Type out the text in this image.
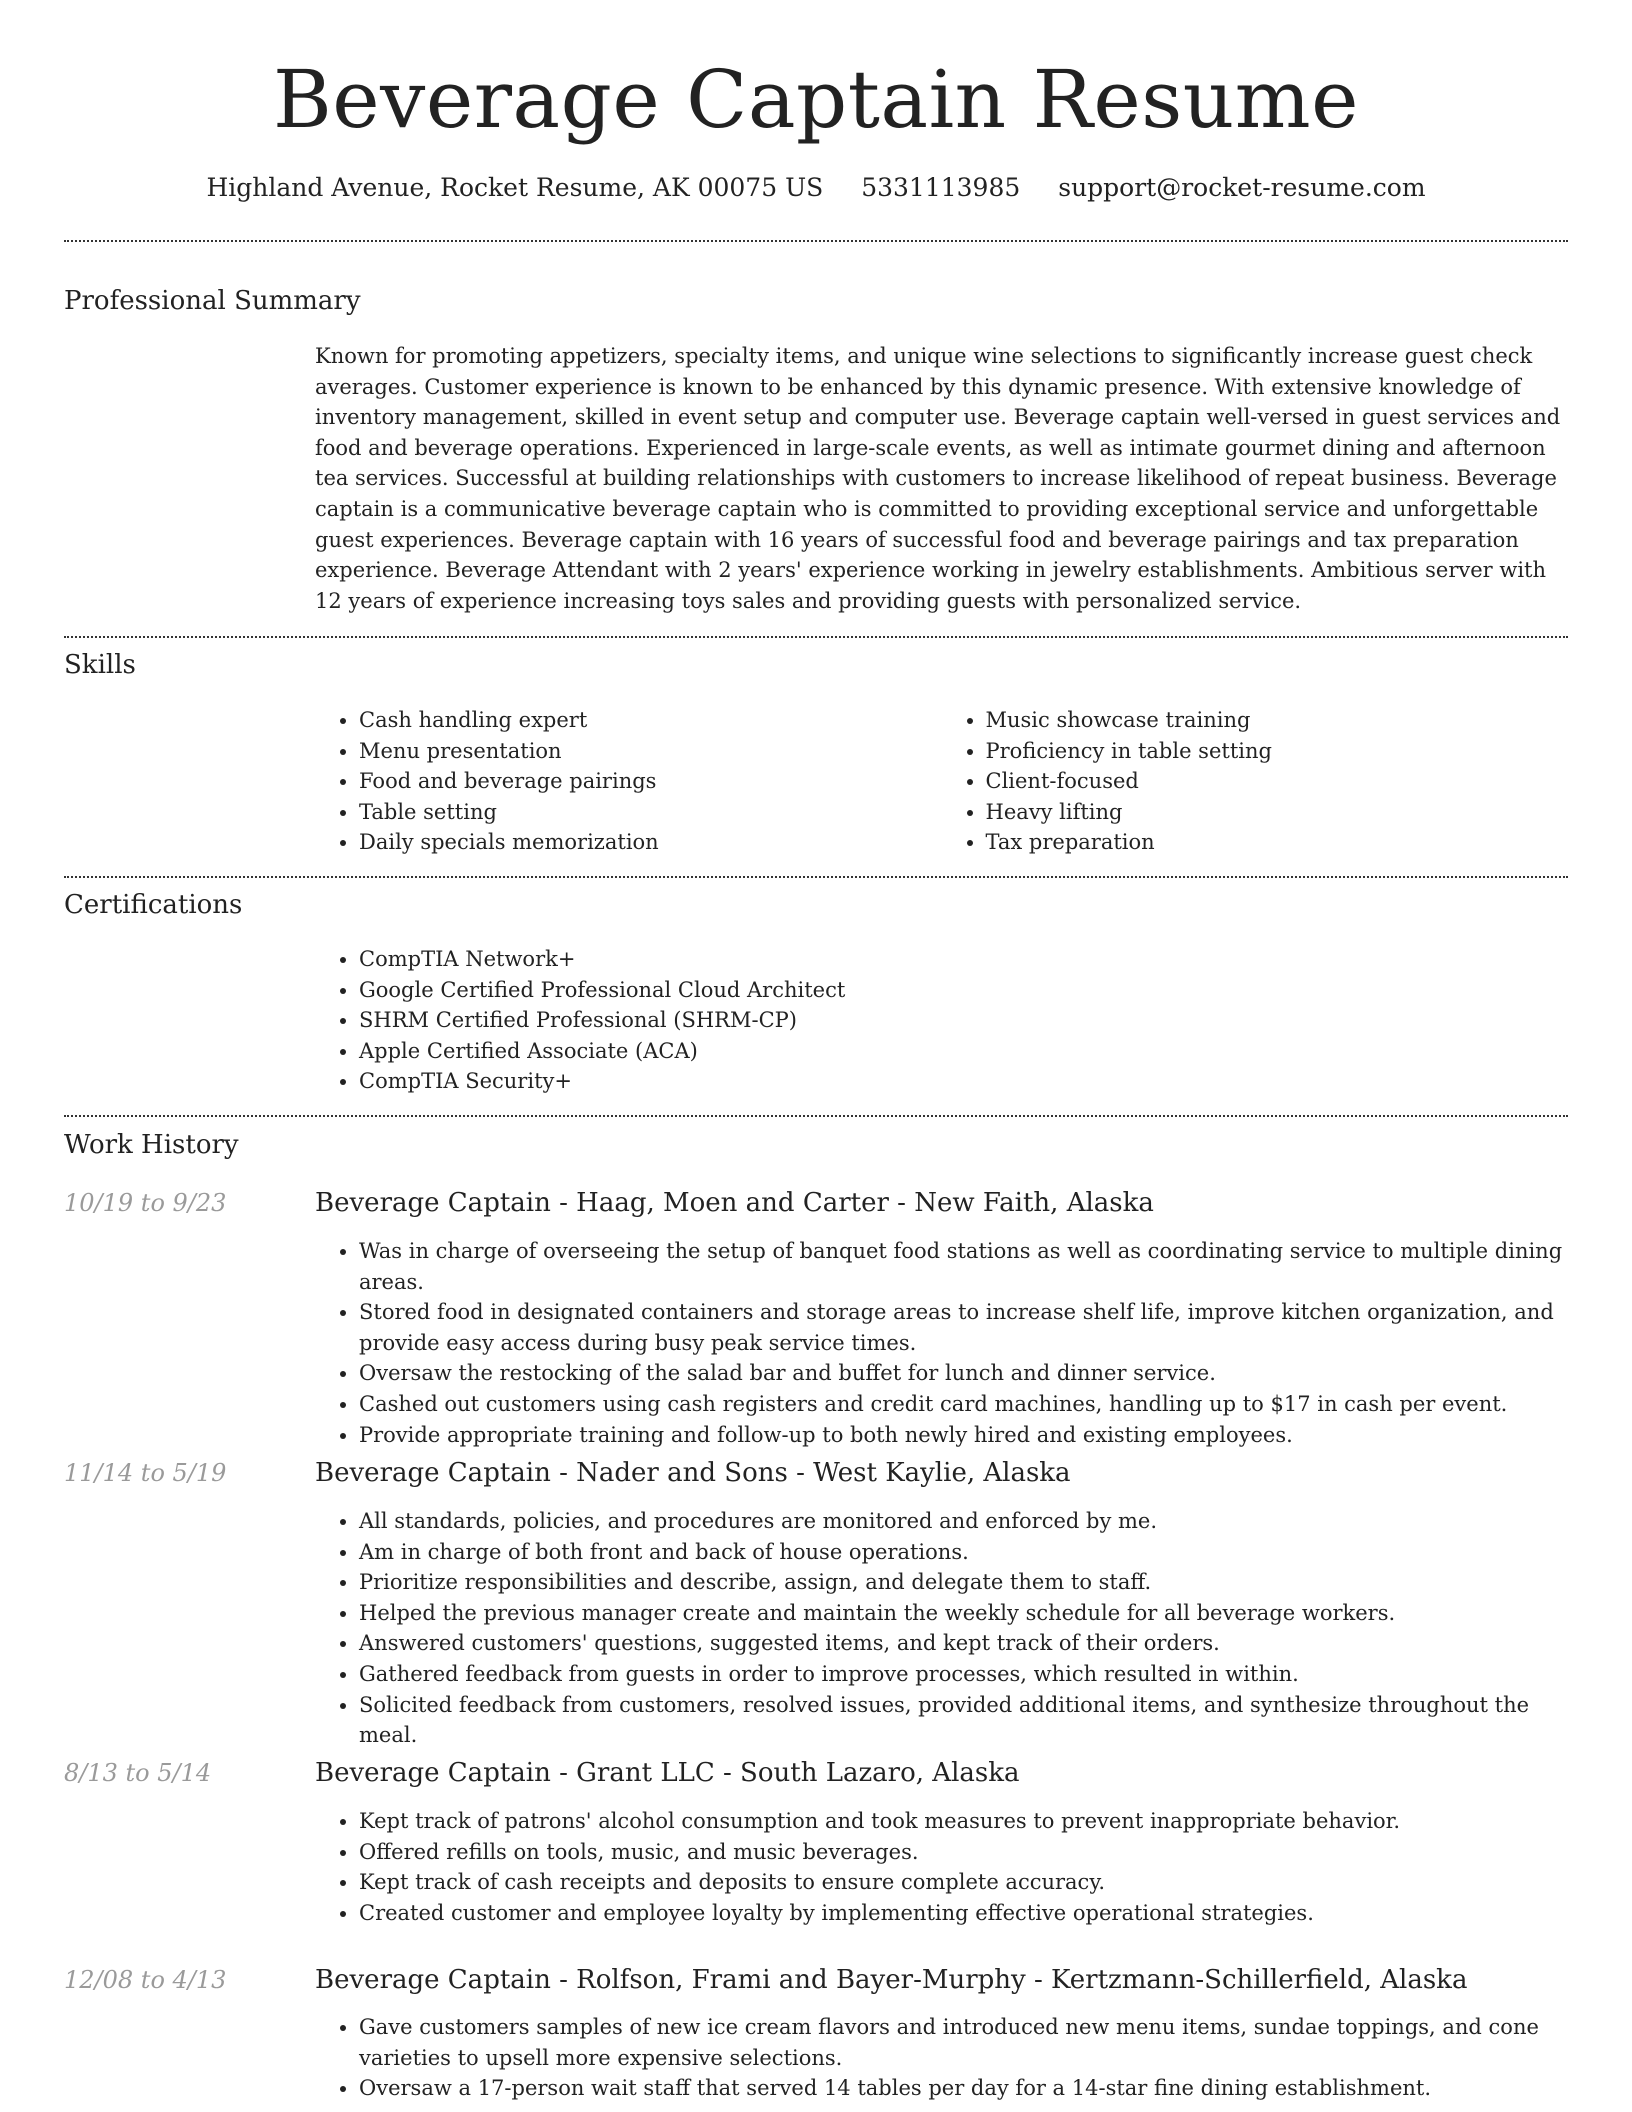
Beverage Captain Resume
Highland Avenue, Rocket Resume, AK 00075 US 5331113985 support@rocket-resume.com
Professional Summary

Known for promoting appetizers, specialty items, and unique wine selections to significantly increase guest check averages. Customer experience is known to be enhanced by this dynamic presence. With extensive knowledge of inventory management, skilled in event setup and computer use. Beverage captain well-versed in guest services and food and beverage operations. Experienced in large-scale events, as well as intimate gourmet dining and afternoon tea services. Successful at building relationships with customers to increase likelihood of repeat business. Beverage captain is a communicative beverage captain who is committed to providing exceptional service and unforgettable guest experiences. Beverage captain with 16 years of successful food and beverage pairings and tax preparation experience. Beverage Attendant with 2 years' experience working in jewelry establishments. Ambitious server with 12 years of experience increasing toys sales and providing guests with personalized service.

Skills
• Cash handling expert
• Menu presentation
• Food and beverage pairings
• Table setting
• Daily specials memorization
• Music showcase training
• Proficiency in table setting
• Client-focused
• Heavy lifting
• Tax preparation
Certifications
• CompTIA Network+
• Google Certified Professional Cloud Architect
• SHRM Certified Professional (SHRM-CP)
• Apple Certified Associate (ACA)
• CompTIA Security+
Work History
10/19 to 9/23	Beverage Captain - Haag, Moen and Carter - New Faith, Alaska
• Was in charge of overseeing the setup of banquet food stations as well as coordinating service to multiple dining areas.
• Stored food in designated containers and storage areas to increase shelf life, improve kitchen organization, and provide easy access during busy peak service times.
• Oversaw the restocking of the salad bar and buffet for lunch and dinner service.
• Cashed out customers using cash registers and credit card machines, handling up to $17 in cash per event.
• Provide appropriate training and follow-up to both newly hired and existing employees.
11/14 to 5/19	Beverage Captain - Nader and Sons - West Kaylie, Alaska
• All standards, policies, and procedures are monitored and enforced by me.
• Am in charge of both front and back of house operations.
• Prioritize responsibilities and describe, assign, and delegate them to staff.
• Helped the previous manager create and maintain the weekly schedule for all beverage workers.
• Answered customers' questions, suggested items, and kept track of their orders.
• Gathered feedback from guests in order to improve processes, which resulted in within.
• Solicited feedback from customers, resolved issues, provided additional items, and synthesize throughout the meal.
8/13 to 5/14	Beverage Captain - Grant LLC - South Lazaro, Alaska
• Kept track of patrons' alcohol consumption and took measures to prevent inappropriate behavior.
• Offered refills on tools, music, and music beverages.
• Kept track of cash receipts and deposits to ensure complete accuracy.
• Created customer and employee loyalty by implementing effective operational strategies.
12/08 to 4/13	Beverage Captain - Rolfson, Frami and Bayer-Murphy - Kertzmann-Schillerfield, Alaska
• Gave customers samples of new ice cream flavors and introduced new menu items, sundae toppings, and cone varieties to upsell more expensive selections.
• Oversaw a 17-person wait staff that served 14 tables per day for a 14-star fine dining establishment.
